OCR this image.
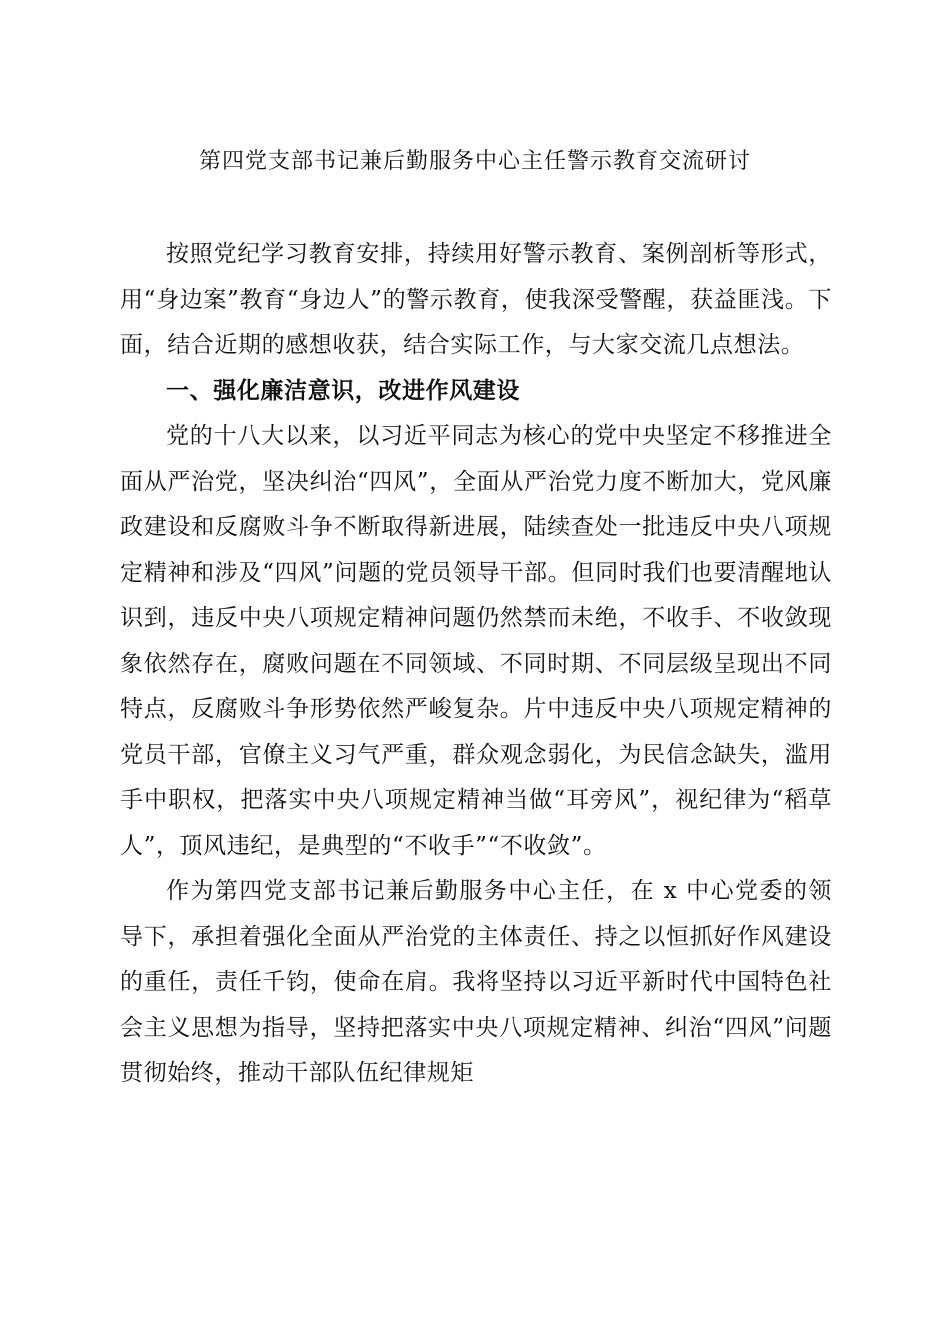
第四党支部书记兼后勤服务中心主任警示教育交流研讨

按照党纪学习教育安排，持续用好警示教育、案例剖析等形式，用“身边案”教育“身边人”的警示教育，使我深受警醒，获益匪浅。下面，结合近期的感想收获，结合实际工作，与大家交流几点想法。

一、强化廉洁意识，改进作风建设

党的十八大以来，以习近平同志为核心的党中央坚定不移推进全面从严治党，坚决纠治“四风”，全面从严治党力度不断加大，党风廉政建设和反腐败斗争不断取得新进展，陆续查处一批违反中央八项规定精神和涉及“四风”问题的党员领导干部。但同时我们也要清醒地认识到，违反中央八项规定精神问题仍然禁而未绝，不收手、不收敛现象依然存在，腐败问题在不同领域、不同时期、不同层级呈现出不同特点，反腐败斗争形势依然严峻复杂。片中违反中央八项规定精神的党员干部，官僚主义习气严重，群众观念弱化，为民信念缺失，滥用手中职权，把落实中央八项规定精神当做“耳旁风”，视纪律为“稻草人”，顶风违纪，是典型的“不收手”“不收敛”。

作为第四党支部书记兼后勤服务中心主任，在 x 中心党委的领导下，承担着强化全面从严治党的主体责任、持之以恒抓好作风建设的重任，责任千钧，使命在肩。我将坚持以习近平新时代中国特色社会主义思想为指导，坚持把落实中央八项规定精神、纠治“四风”问题贯彻始终，推动干部队伍纪律规矩
